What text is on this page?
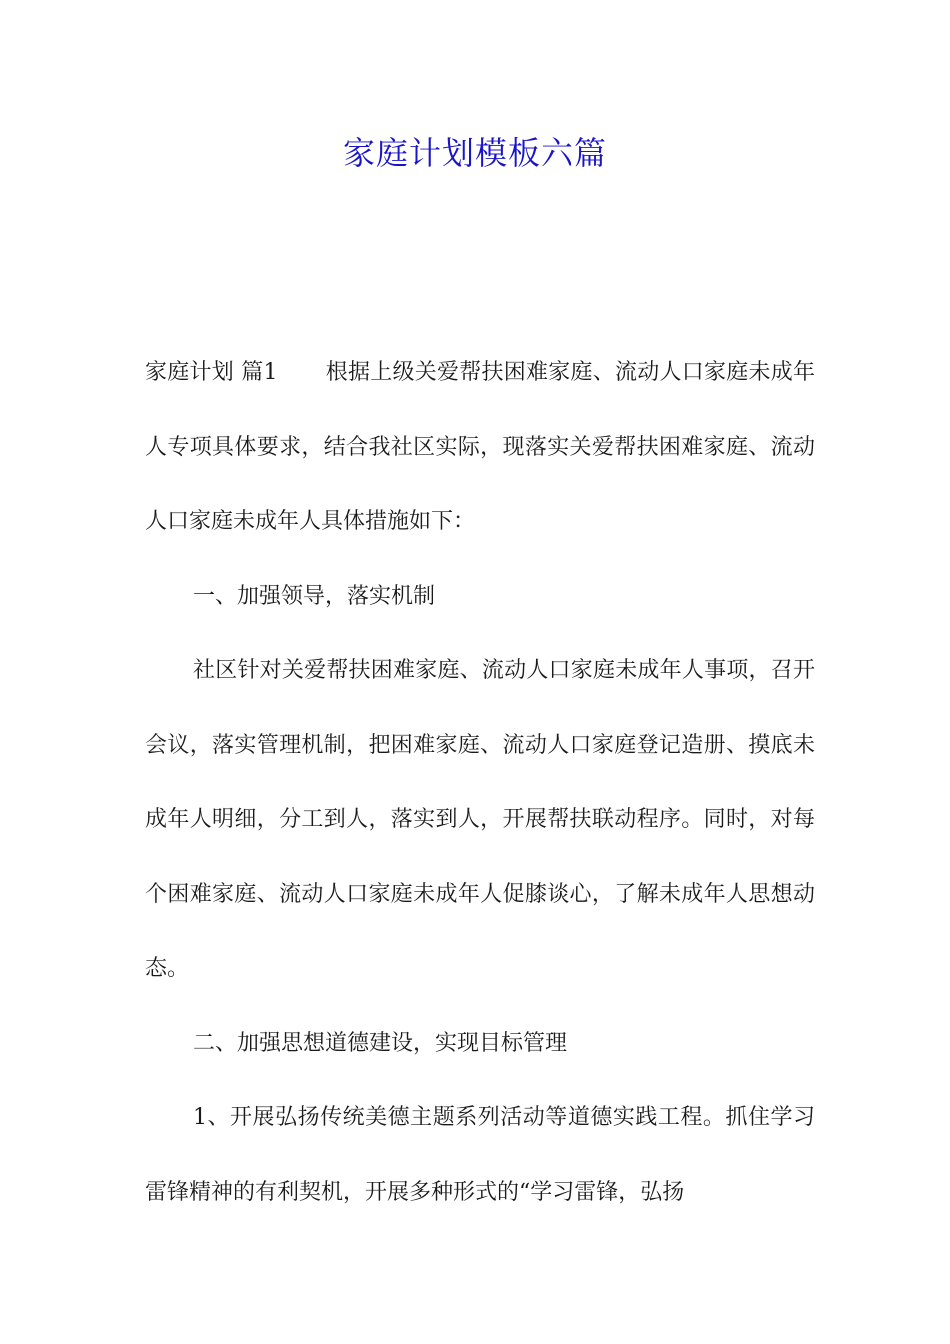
家庭计划模板六篇

家庭计划 篇1 根据上级关爱帮扶困难家庭、流动人口家庭未成年人专项具体要求，结合我社区实际，现落实关爱帮扶困难家庭、流动人口家庭未成年人具体措施如下：

一、加强领导，落实机制

社区针对关爱帮扶困难家庭、流动人口家庭未成年人事项，召开会议，落实管理机制，把困难家庭、流动人口家庭登记造册、摸底未成年人明细，分工到人，落实到人，开展帮扶联动程序。同时，对每个困难家庭、流动人口家庭未成年人促膝谈心，了解未成年人思想动态。

二、加强思想道德建设，实现目标管理

1、开展弘扬传统美德主题系列活动等道德实践工程。抓住学习雷锋精神的有利契机，开展多种形式的“学习雷锋，弘扬
